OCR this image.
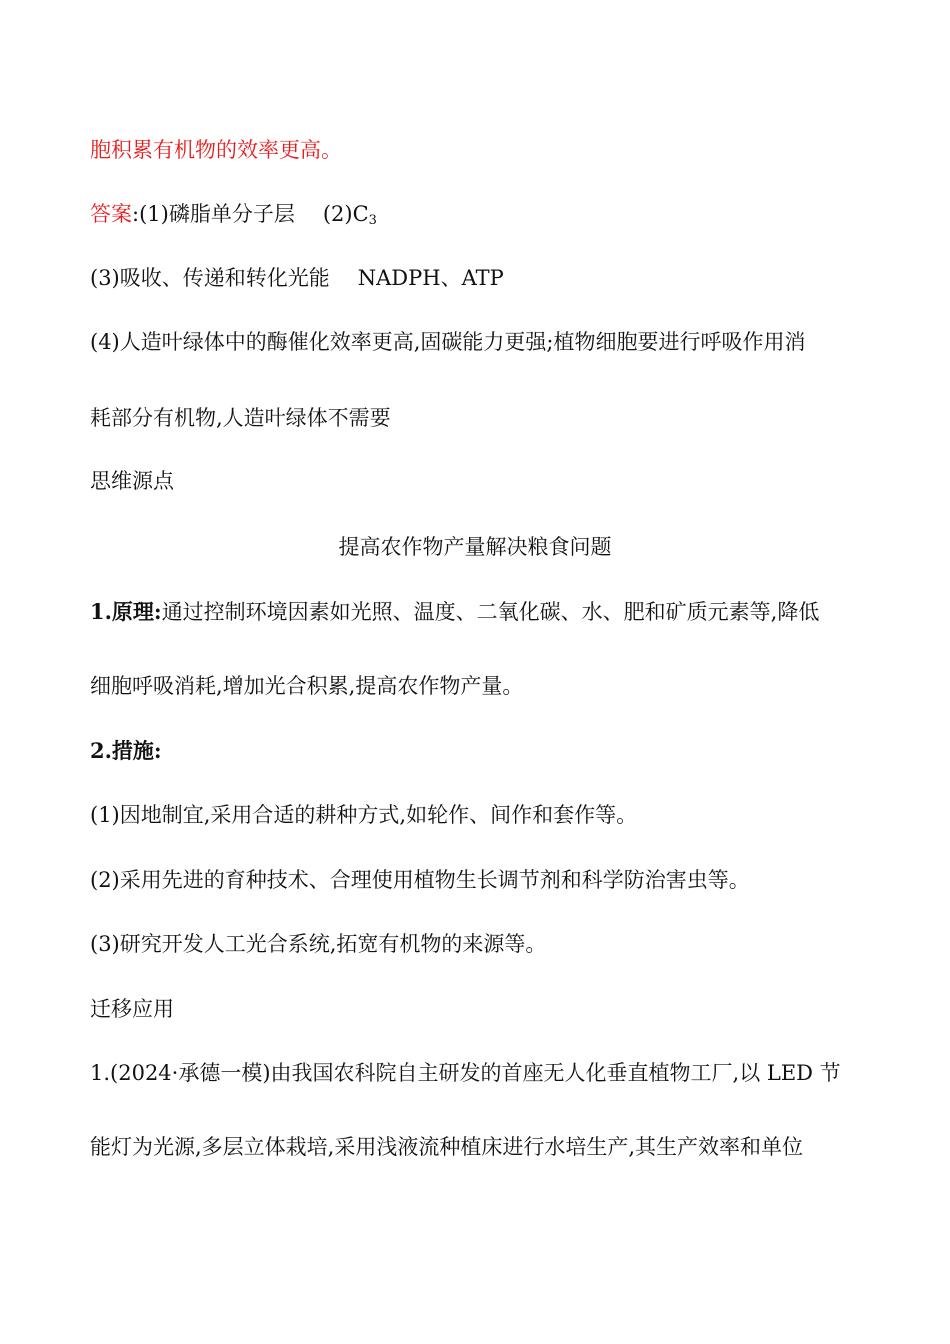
胞积累有机物的效率更高。
答案:(1)磷脂单分子层 $(2)C_3$
(3)吸收、传递和转化光能 NADPH、ATP
(4)人造叶绿体中的酶催化效率更高,固碳能力更强;植物细胞要进行呼吸作用消
耗部分有机物,人造叶绿体不需要
思维源点
提高农作物产量解决粮食问题
1.原理:通过控制环境因素如光照、温度、二氧化碳、水、肥和矿质元素等,降低
细胞呼吸消耗,增加光合积累,提高农作物产量。
2.措施:
(1)因地制宜,采用合适的耕种方式,如轮作、间作和套作等。
(2)采用先进的育种技术、合理使用植物生长调节剂和科学防治害虫等。
(3)研究开发人工光合系统,拓宽有机物的来源等。
迁移应用
1.(2024·承德一模)由我国农科院自主研发的首座无人化垂直植物工厂,以 LED 节
能灯为光源,多层立体栽培,采用浅液流种植床进行水培生产,其生产效率和单位
